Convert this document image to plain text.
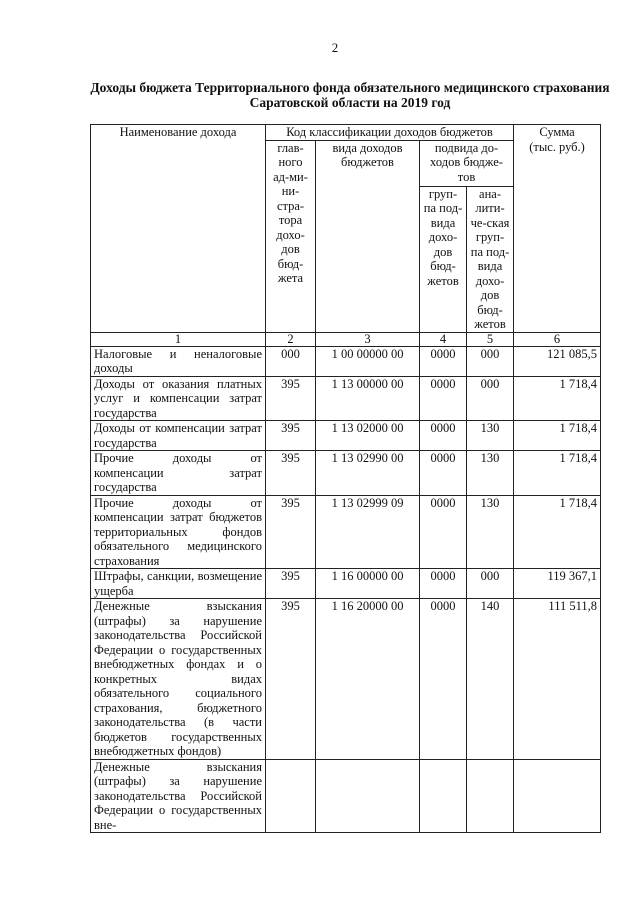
2
Доходы бюджета Территориального фонда обязательного медицинского страхования
Саратовской области на 2019 год
Наименование дохода	Код классификации доходов бюджетов				Сумма (тыс. руб.)
	глав-ного ад-ми-ни-стра-тора дохо-дов бюд-жета	вида доходов бюджетов	подвида до-ходов бюдже-тов		
			груп-па под-вида дохо-дов бюд-жетов	ана-лити-че-ская груп-па под-вида дохо-дов бюд-жетов	
1	2	3	4	5	6
Налоговые и неналоговые доходы	000	1 00 00000 00	0000	000	121 085,5
Доходы от оказания платных услуг и компенсации затрат государства	395	1 13 00000 00	0000	000	1 718,4
Доходы от компенсации затрат государства	395	1 13 02000 00	0000	130	1 718,4
Прочие доходы от компенсации затрат государства	395	1 13 02990 00	0000	130	1 718,4
Прочие доходы от компенсации затрат бюджетов территориальных фондов обязательного медицинского страхования	395	1 13 02999 09	0000	130	1 718,4
Штрафы, санкции, возмещение ущерба	395	1 16 00000 00	0000	000	119 367,1
Денежные взыскания (штрафы) за нарушение законодательства Российской Федерации о государственных внебюджетных фондах и о конкретных видах обязательного социального страхования, бюджетного законодательства (в части бюджетов государственных внебюджетных фондов)	395	1 16 20000 00	0000	140	111 511,8
Денежные взыскания (штрафы) за нарушение законодательства Российской Федерации о государственных вне-					
